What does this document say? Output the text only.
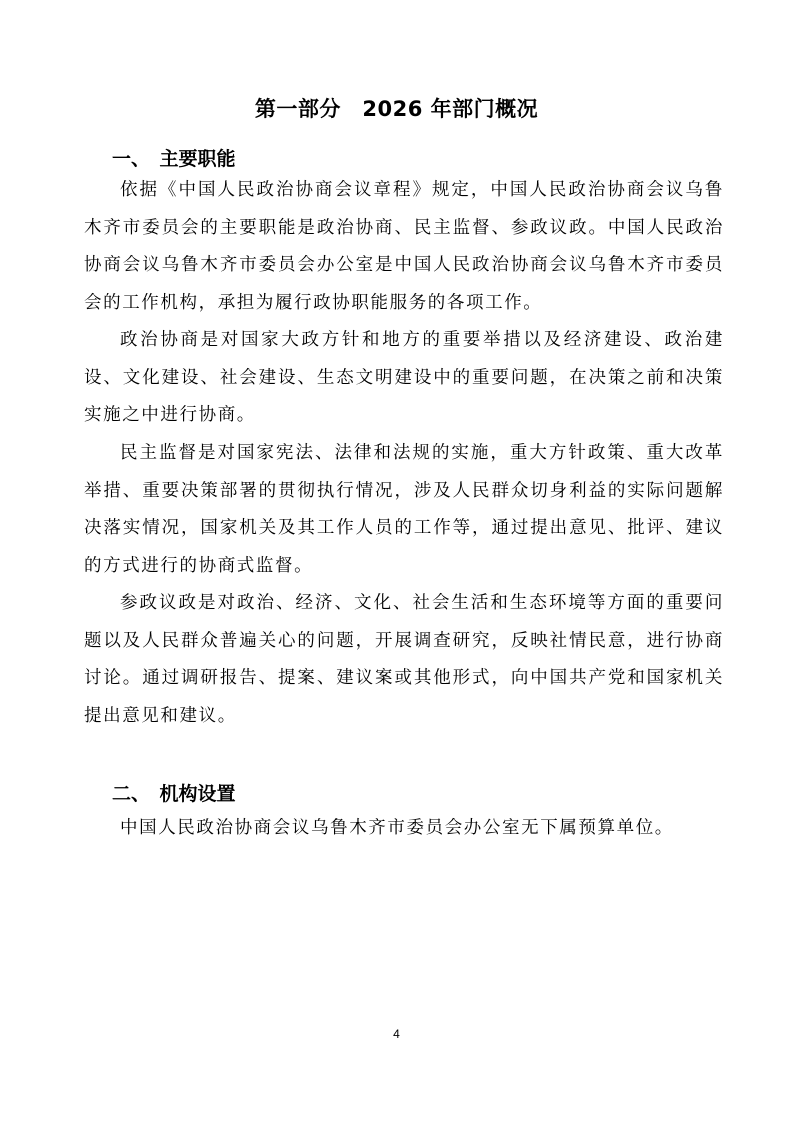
第一部分　2026 年部门概况
一、　主要职能

依据《中国人民政治协商会议章程》规定，中国人民政治协商会议乌鲁木齐市委员会的主要职能是政治协商、民主监督、参政议政。中国人民政治协商会议乌鲁木齐市委员会办公室是中国人民政治协商会议乌鲁木齐市委员会的工作机构，承担为履行政协职能服务的各项工作。

政治协商是对国家大政方针和地方的重要举措以及经济建设、政治建设、文化建设、社会建设、生态文明建设中的重要问题，在决策之前和决策实施之中进行协商。

民主监督是对国家宪法、法律和法规的实施，重大方针政策、重大改革举措、重要决策部署的贯彻执行情况，涉及人民群众切身利益的实际问题解决落实情况，国家机关及其工作人员的工作等，通过提出意见、批评、建议的方式进行的协商式监督。

参政议政是对政治、经济、文化、社会生活和生态环境等方面的重要问题以及人民群众普遍关心的问题，开展调查研究，反映社情民意，进行协商讨论。通过调研报告、提案、建议案或其他形式，向中国共产党和国家机关提出意见和建议。

二、　机构设置

中国人民政治协商会议乌鲁木齐市委员会办公室无下属预算单位。

4
